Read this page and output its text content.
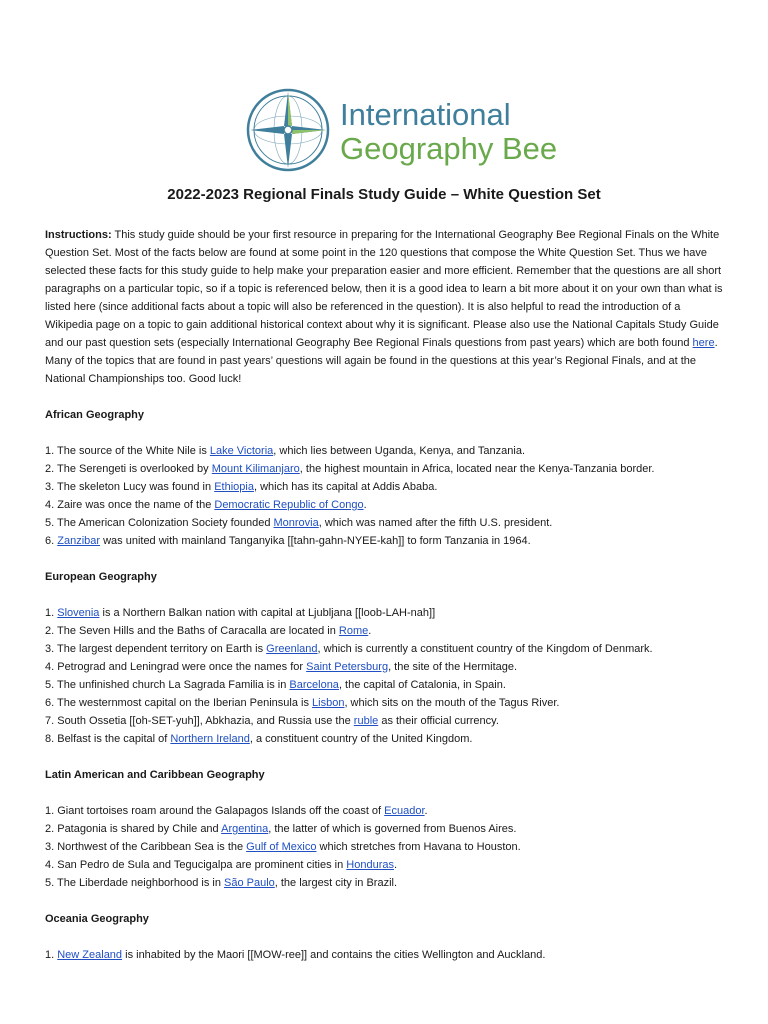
International
Geography Bee
2022-2023 Regional Finals Study Guide – White Question Set

Instructions: This study guide should be your first resource in preparing for the International Geography Bee Regional Finals on the White Question Set. Most of the facts below are found at some point in the 120 questions that compose the White Question Set. Thus we have selected these facts for this study guide to help make your preparation easier and more efficient. Remember that the questions are all short paragraphs on a particular topic, so if a topic is referenced below, then it is a good idea to learn a bit more about it on your own than what is listed here (since additional facts about a topic will also be referenced in the question). It is also helpful to read the introduction of a Wikipedia page on a topic to gain additional historical context about why it is significant. Please also use the National Capitals Study Guide and our past question sets (especially International Geography Bee Regional Finals questions from past years) which are both found here. Many of the topics that are found in past years’ questions will again be found in the questions at this year’s Regional Finals, and at the National Championships too. Good luck!

African Geography

1. The source of the White Nile is Lake Victoria, which lies between Uganda, Kenya, and Tanzania.

2. The Serengeti is overlooked by Mount Kilimanjaro, the highest mountain in Africa, located near the Kenya-Tanzania border.

3. The skeleton Lucy was found in Ethiopia, which has its capital at Addis Ababa.

4. Zaire was once the name of the Democratic Republic of Congo.

5. The American Colonization Society founded Monrovia, which was named after the fifth U.S. president.

6. Zanzibar was united with mainland Tanganyika [[tahn-gahn-NYEE-kah]] to form Tanzania in 1964.

European Geography

1. Slovenia is a Northern Balkan nation with capital at Ljubljana [[loob-LAH-nah]]

2. The Seven Hills and the Baths of Caracalla are located in Rome.

3. The largest dependent territory on Earth is Greenland, which is currently a constituent country of the Kingdom of Denmark.

4. Petrograd and Leningrad were once the names for Saint Petersburg, the site of the Hermitage.

5. The unfinished church La Sagrada Familia is in Barcelona, the capital of Catalonia, in Spain.

6. The westernmost capital on the Iberian Peninsula is Lisbon, which sits on the mouth of the Tagus River.

7. South Ossetia [[oh-SET-yuh]], Abkhazia, and Russia use the ruble as their official currency.

8. Belfast is the capital of Northern Ireland, a constituent country of the United Kingdom.

Latin American and Caribbean Geography

1. Giant tortoises roam around the Galapagos Islands off the coast of Ecuador.

2. Patagonia is shared by Chile and Argentina, the latter of which is governed from Buenos Aires.

3. Northwest of the Caribbean Sea is the Gulf of Mexico which stretches from Havana to Houston.

4. San Pedro de Sula and Tegucigalpa are prominent cities in Honduras.

5. The Liberdade neighborhood is in São Paulo, the largest city in Brazil.

Oceania Geography

1. New Zealand is inhabited by the Maori [[MOW-ree]] and contains the cities Wellington and Auckland.
